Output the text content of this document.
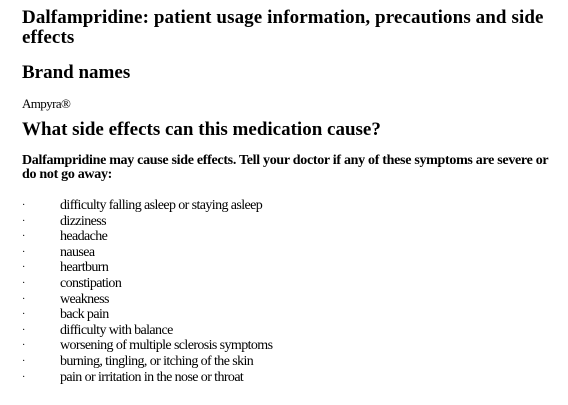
Dalfampridine: patient usage information, precautions and side effects
Brand names

Ampyra®

What side effects can this medication cause?

Dalfampridine may cause side effects. Tell your doctor if any of these symptoms are severe or do not go away:

·	difficulty falling asleep or staying asleep
·	dizziness
·	headache
·	nausea
·	heartburn
·	constipation
·	weakness
·	back pain
·	difficulty with balance
·	worsening of multiple sclerosis symptoms
·	burning, tingling, or itching of the skin
·	pain or irritation in the nose or throat
